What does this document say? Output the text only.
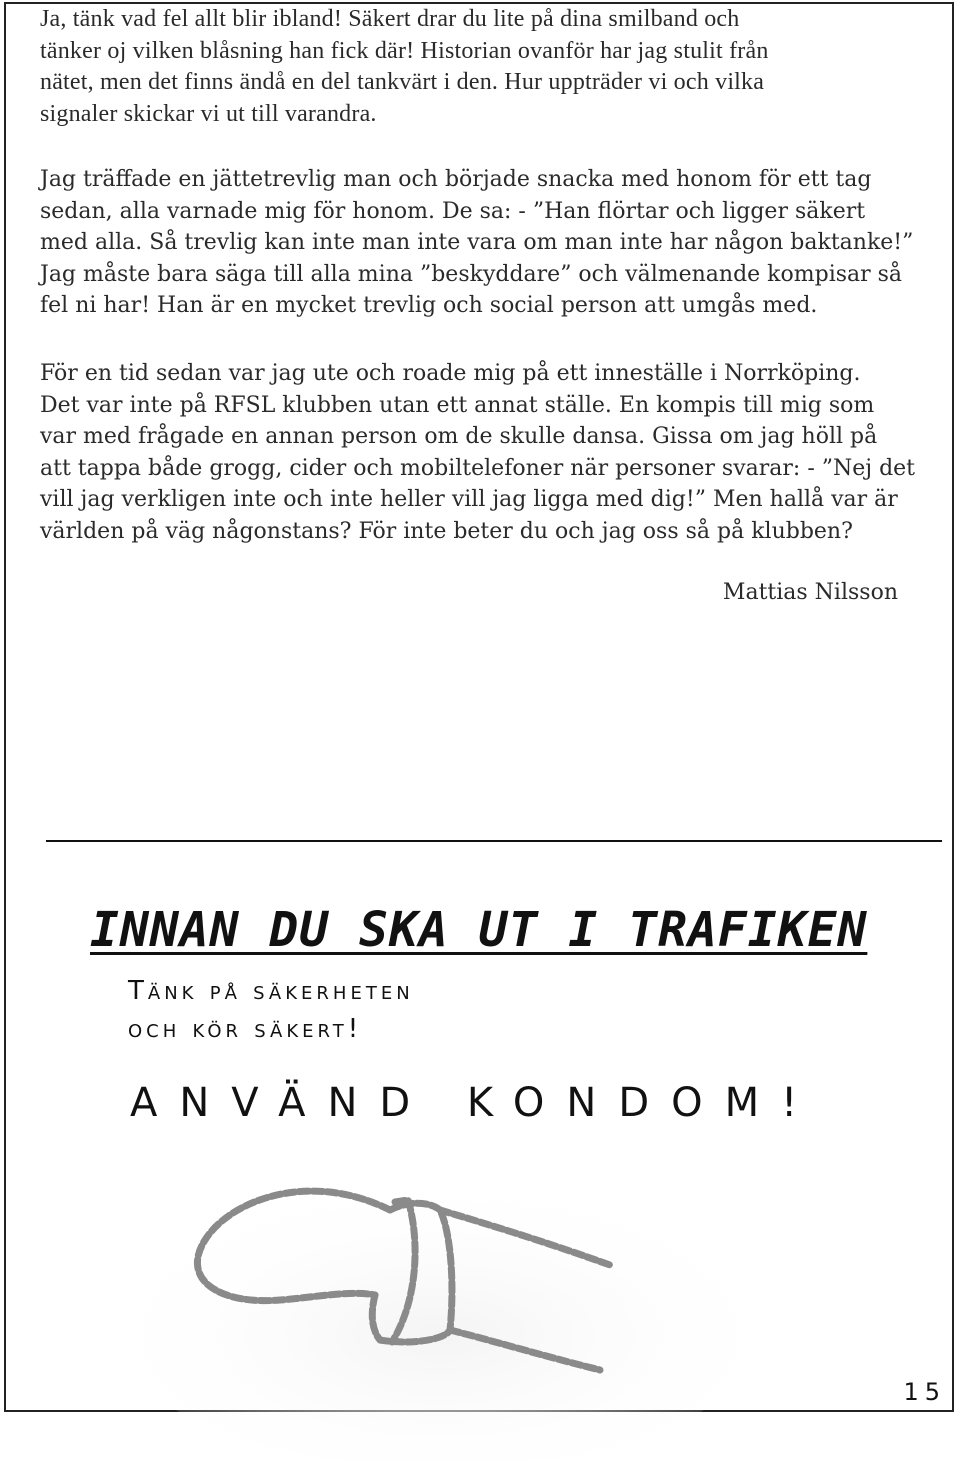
Ja, tänk vad fel allt blir ibland! Säkert drar du lite på dina smilband och
tänker oj vilken blåsning han fick där! Historian ovanför har jag stulit från
nätet, men det finns ändå en del tankvärt i den. Hur uppträder vi och vilka
signaler skickar vi ut till varandra.
Jag träffade en jättetrevlig man och började snacka med honom för ett tag
sedan, alla varnade mig för honom. De sa: - ”Han flörtar och ligger säkert
med alla. Så trevlig kan inte man inte vara om man inte har någon baktanke!”
Jag måste bara säga till alla mina ”beskyddare” och välmenande kompisar så
fel ni har! Han är en mycket trevlig och social person att umgås med.
För en tid sedan var jag ute och roade mig på ett inneställe i Norrköping.
Det var inte på RFSL klubben utan ett annat ställe. En kompis till mig som
var med frågade en annan person om de skulle dansa. Gissa om jag höll på
att tappa både grogg, cider och mobiltelefoner när personer svarar: - ”Nej det
vill jag verkligen inte och inte heller vill jag ligga med dig!” Men hallå var är
världen på väg någonstans? För inte beter du och jag oss så på klubben?

Mattias Nilsson

INNAN DU SKA UT I TRAFIKEN

Tänk på säkerheten

och kör säkert!

ANVÄND KONDOM!

15
